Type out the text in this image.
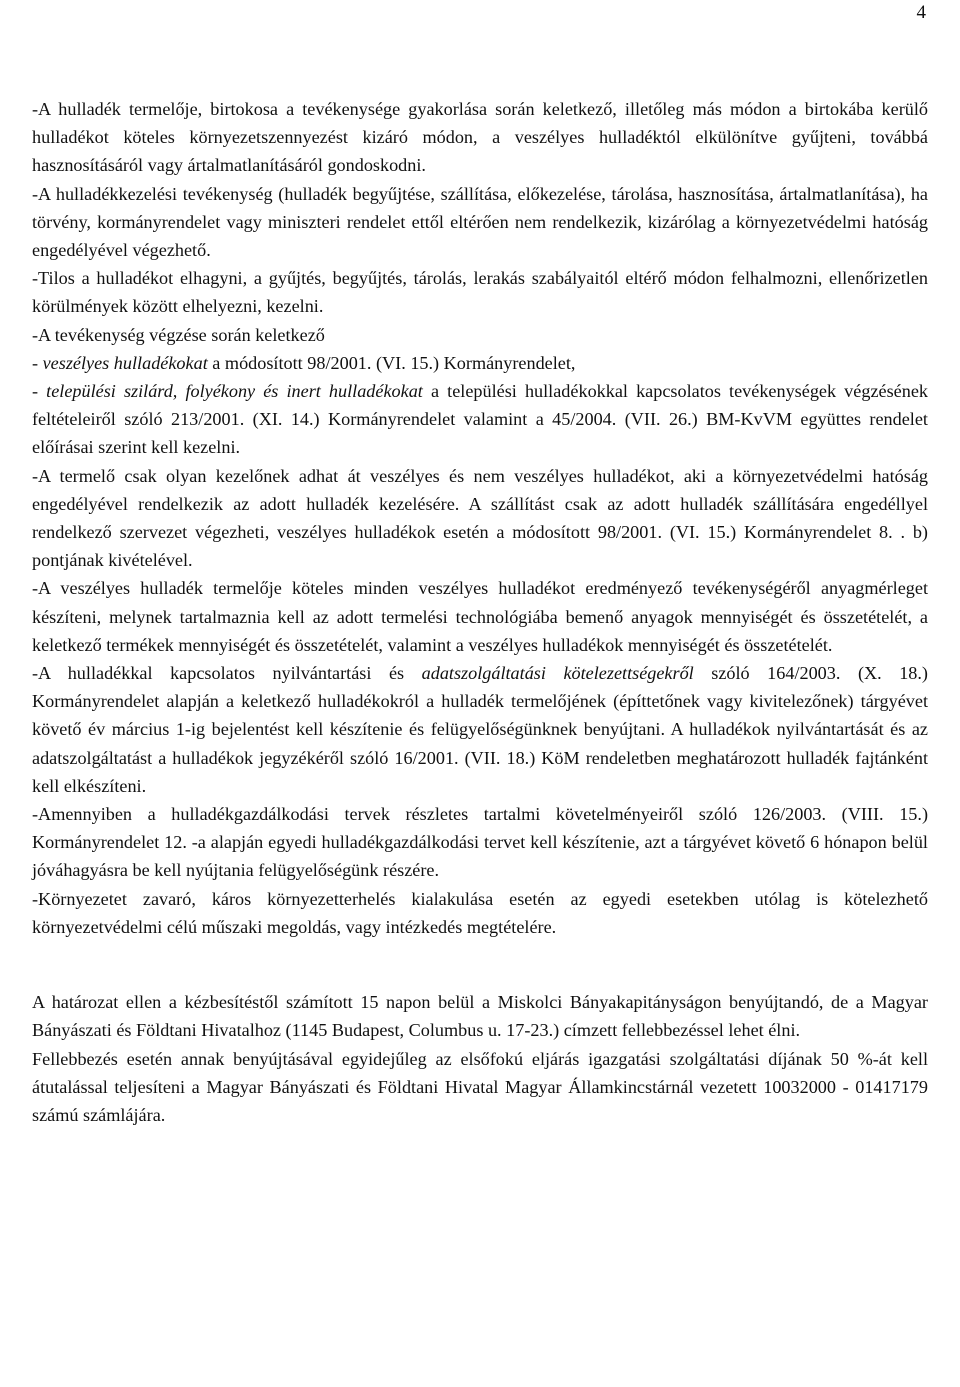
4

-A hulladék termelője, birtokosa a tevékenysége gyakorlása során keletkező, illetőleg más módon a birtokába kerülő hulladékot köteles környezetszennyezést kizáró módon, a veszélyes hulladéktól elkülönítve gyűjteni, továbbá hasznosításáról vagy ártalmatlanításáról gondoskodni.

-A hulladékkezelési tevékenység (hulladék begyűjtése, szállítása, előkezelése, tárolása, hasznosítása, ártalmatlanítása), ha törvény, kormányrendelet vagy miniszteri rendelet ettől eltérően nem rendelkezik, kizárólag a környezetvédelmi hatóság engedélyével végezhető.

-Tilos a hulladékot elhagyni, a gyűjtés, begyűjtés, tárolás, lerakás szabályaitól eltérő módon felhalmozni, ellenőrizetlen körülmények között elhelyezni, kezelni.

-A tevékenység végzése során keletkező

- veszélyes hulladékokat a módosított 98/2001. (VI. 15.) Kormányrendelet,

- települési szilárd, folyékony és inert hulladékokat a települési hulladékokkal kapcsolatos tevékenységek végzésének feltételeiről szóló 213/2001. (XI. 14.) Kormányrendelet valamint a 45/2004. (VII. 26.) BM-KvVM együttes rendelet előírásai szerint kell kezelni.

-A termelő csak olyan kezelőnek adhat át veszélyes és nem veszélyes hulladékot, aki a környezetvédelmi hatóság engedélyével rendelkezik az adott hulladék kezelésére. A szállítást csak az adott hulladék szállítására engedéllyel rendelkező szervezet végezheti, veszélyes hulladékok esetén a módosított 98/2001. (VI. 15.) Kormányrendelet 8. . b) pontjának kivételével.

-A veszélyes hulladék termelője köteles minden veszélyes hulladékot eredményező tevékenységéről anyagmérleget készíteni, melynek tartalmaznia kell az adott termelési technológiába bemenő anyagok mennyiségét és összetételét, a keletkező termékek mennyiségét és összetételét, valamint a veszélyes hulladékok mennyiségét és összetételét.

-A hulladékkal kapcsolatos nyilvántartási és adatszolgáltatási kötelezettségekről szóló 164/2003. (X. 18.) Kormányrendelet alapján a keletkező hulladékokról a hulladék termelőjének (építtetőnek vagy kivitelezőnek) tárgyévet követő év március 1-ig bejelentést kell készítenie és felügyelőségünknek benyújtani. A hulladékok nyilvántartását és az adatszolgáltatást a hulladékok jegyzékéről szóló 16/2001. (VII. 18.) KöM rendeletben meghatározott hulladék fajtánként kell elkészíteni.

-Amennyiben a hulladékgazdálkodási tervek részletes tartalmi követelményeiről szóló 126/2003. (VIII. 15.) Kormányrendelet 12. -a alapján egyedi hulladékgazdálkodási tervet kell készítenie, azt a tárgyévet követő 6 hónapon belül jóváhagyásra be kell nyújtania felügyelőségünk részére.

-Környezetet zavaró, káros környezetterhelés kialakulása esetén az egyedi esetekben utólag is kötelezhető környezetvédelmi célú műszaki megoldás, vagy intézkedés megtételére.

A határozat ellen a kézbesítéstől számított 15 napon belül a Miskolci Bányakapitányságon benyújtandó, de a Magyar Bányászati és Földtani Hivatalhoz (1145 Budapest, Columbus u. 17-23.) címzett fellebbezéssel lehet élni.

Fellebbezés esetén annak benyújtásával egyidejűleg az elsőfokú eljárás igazgatási szolgáltatási díjának 50 %-át kell átutalással teljesíteni a Magyar Bányászati és Földtani Hivatal Magyar Államkincstárnál vezetett 10032000 - 01417179 számú számlájára.
